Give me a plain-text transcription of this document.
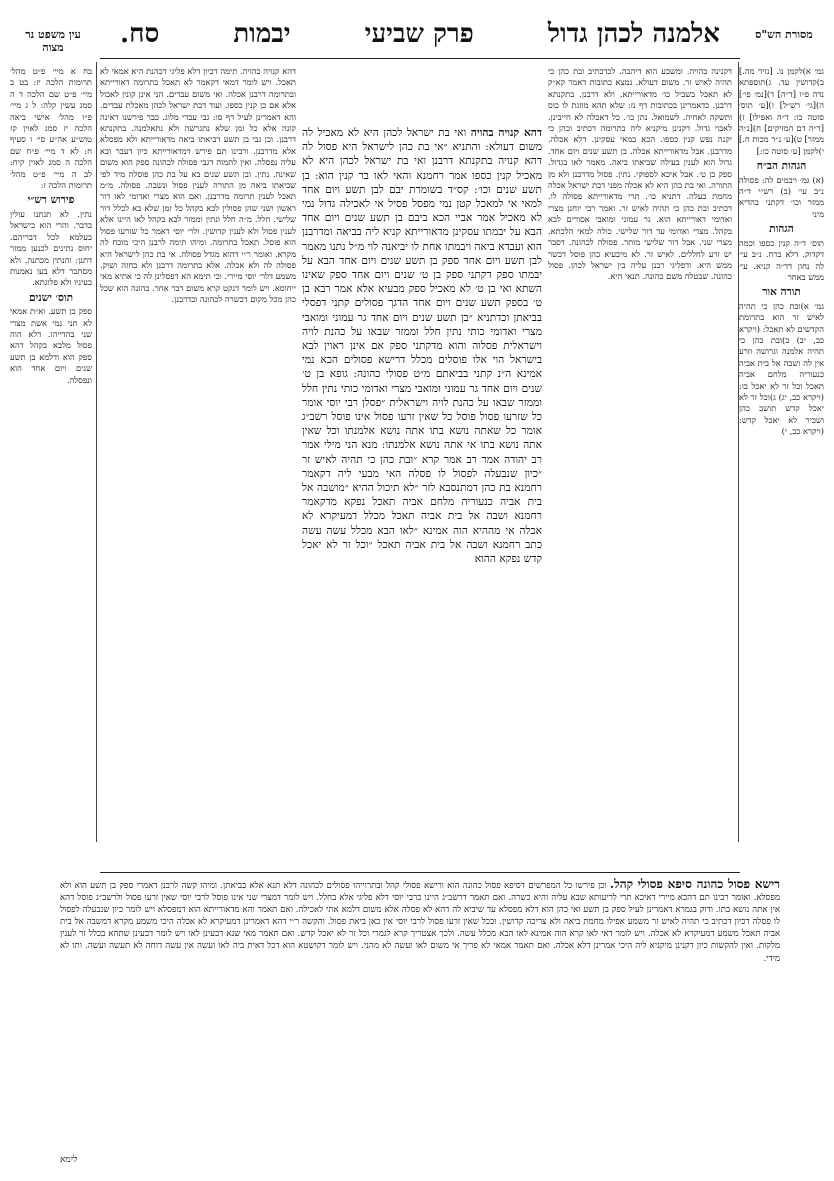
מסורת הש"ס
עין משפט נר מצוה	אלמנה לכהן גדול
פרק שביעי
יבמות
סח.

גמ׳ א)לקמן נו. [נזיר מה.] ב)קדושין עד. ג)תוספתא נדה פ״ו [ד״ה] ד)[נמ׳ פי׳] ה)[גי׳ רש״ל] ו)[ע׳ תוס׳ סוטה כו: ד״ה ואפילו] ז)[ד״ה דם המזיקים] ח)[נ״ה ממזר] ט)[ע׳ נ״ר מכות ח.] י)לקמן [ע׳ סוטה כו:]

הגהות הב״ח

(א) גמ׳ ויבמים לה: פסולה נ״ב עי׳ (ב) רש״י ד״ה ממזר וכו׳ דקתני בהדיא מיני

הגהות

תוס׳ ד״ה קנין כספו וכמה דקדוק. דלא ברח. נ״ב עי׳ לה נחון דד״ה קניא. עי׳ ממש באחר

תורה אור

גמ׳ א)ובת כהן כי תהיה לאיש זר הוא בתרומת הקדשים לא תאכל: (ויקרא כב, יב) ב)ובת כהן כי תהיה אלמנה וגרושה וזרע אין לה ושבה אל בית אביה כנעוריה מלחם אביה תאכל וכל זר לא יאכל בו: (ויקרא כב, יג) ג)וכל זר לא יאכל קדש תושב כהן ושכיר לא יאכל קדש: (ויקרא כב, י)

דקנינה בהויה. ומשבע הוא דיהבה. לכדכתיב ובת כהן כי תהיה לאיש זר. משום דעולא. נמצא כתובות דאמר קא״ק לא תאכל בשביל כו׳ מדאורייתא. ולא דרבנן. בתקנתא דרבנן. כדאמרינן בכתובות דף נז: שלא תהא מוזגת לו כוס ותשקה לאחיה. לשמואל. נתן כו׳. כל דאכלה לא חייבינן. לאבוי גדול. דקנינן מיקניא ליה בתרומה דכתיב וכהן כי יקנה נפש קנין כספו. הכא במאי עסקינן. דלא אכלה. מדרבנן. אבל מדאורייתא אכלה. בן תשע שנים ויום אחד. גדול הוא לענין בעילה שביאתו ביאה. מאמר לאו בגדול. ספק בן ט׳. אבל איכא לספוקי. נתין. פסול מדרבנן ולא מן התורה. ואי בת כהן היא לא אכלה מפני דבת ישראל אכלה מחמת בעלה. דתניא כו׳. תרי מדאורייתא פסולה לו. דכתיב ובת כהן כי תהיה לאיש זר. ואמר רבי יוחנן מצרי ואדומי דאורייתא הוא. גר עמוני ומואבי אסורים לבא בקהל. מצרי ואדומי עד דור שלישי. כולה למאי הלכתא. מצרי שני. אבל דור שלישי מותר. פסולה לכהונה. דסבר יש זרע לחללים. לאיש זר. לא מיבעיא כהן פוסל דכשר ממש היא. ודפליגי רבנן עליה בין ישראל לכהן. פסול כהונה. שבטלה משם כהונה. תנאי היא.

דהא קנויה בהויה. תימה דכיון דלא פליגי דכהנת היא אמאי לא תאכל. ויש לומר דמאי דקאמר לא תאכל בתרומה דאורייתא ובתרומה דרבנן אכלה. ואי משום עבדים. הני אינן קונין לאכול אלא אם כן קנין כספו. ועוד דבת ישראל לכהן מאכלת עבדים. והא דאמרינן לעיל דף סו: גבי עבדי מלוג. כבר פירשנו דאינה קונה אלא כל זמן שלא נתגרשה ולא נתאלמנה. בתקנתא דרבנן. וכן גבי בן תשע דביאתו ביאה מדאורייתא ולא מפסלא אלא מדרבנן. ורבינו תם פירש דמדאורייתא כיון דעבר ובא עליה נפסלה. ואין לתמוה דגבי פסולה לכהונה ספק הוא משום שאינה. נתין. ובן תשע שנים בא על בת כהן פוסלה מיד לפי שביאתו ביאה מן התורה לענין פסול ונשבה. פסולה. מ״מ תאכל לענין תרומה מדרבנן. ואם הוא מצרי ואדומי לאו דור ראשון ושני שהן פסולין לבא בקהל כל זמן שלא בא לכלל דור שלישי. חלל. מ״ה חלל ונתין וממזר לבא בקהל לאו היינו אלא לענין פסול ולא לענין קדושין. ולר׳ יוסי דאמר כל שזרעו פסול הוא פוסל. תאכל בתרומה. ומיהו תימה לרבנן היכי מוכח לה מקרא. ואומר ר״י דהוא מגדל פסולה. אי בת כהן לישראל היא פסולה לה ולא אכלה. אלא בתרומה דרבנן ולא בחזה ושוק. משמע דלר׳ יוסי מיירי. וכי תימא הא דפסלינן לה כי אתיא מאי ייחוסא. ויש לומר דנקט קרא משום דבר אחר. כהונה הוא שכל כהן מכל מקום דכשרה לכהונה ובדרבנן.

דהא קנויה בהויה ואי בת ישראל לכהן היא לא מאכיל לה משום דעולא: והתניא ״אי בת כהן לישראל היא פסול לה דהא קנויה בתקנתא דרבנן ואי בת ישראל לכהן היא לא מאכיל קנין כספו אמר רחמנא והאי לאו בר קנין הוא: בן תשע שנים וכו׳: קס״ד בשומרת יבם לבן תשע ויום אחד למאי אי למאכל קטן נמי מפסל פסיל אי לאכילה גדול נמי לא מאכיל אמר אביי הכא ביבם בן תשע שנים ויום אחד הבא על יבמתו עסקינן מדאורייתא קניא ליה בביאה ומדרבנן הוא ועבדא ביאה ויבמתו אחת לו יביאנה לוי מ״ל נתנו מאמר לבן תשע ויום אחד ספק בן תשע שנים ויום אחד הבא על יבמתו ספק דקתני ספק בן ט׳ שנים ויום אחד ספק שאינו השתא ואי בן ט׳ לא מאכיל ספק מבעיא אלא אמר רבא בן ט׳ בספק תשע שנים ויום אחד הדגך פסולים קתני דפסלי בביאתן וכדתניא ״בן תשע שנים ויום אחד גר עמוני ומואבי מצרי ואדומי כותי נתין חלל וממזר שבאו על כהנת לויה וישראלית פסלוה והוא מדקתני ספק אם אינן ראוין לבא בישראל הוי אלו פוסלים מכלל דרישא פסולים הכא נמי אמינא ה״נ קתני בביאתם מ״ט פסולי כהונה: גופא בן ט׳ שנים ויום אחד גר עמוני ומואבי מצרי ואדומי כותי נתין חלל וממזר שבאו על כהנת לויה וישראלית ״פסלן רבי יוסי אומר כל שזרעו פסול פוסל כל שאין זרעו פסול אינו פוסל רשב״ג אומר כל שאתה נושא בתו אתה נושא אלמנתו וכל שאין אתה נושא בתו אי אתה נושא אלמנתו: מנא הני מילי אמר רב יהודה אמר רב אמר קרא ״ובת כהן כי תהיה לאיש זר ״כיון שנבעלה לפסול לו פסלה האי מבעי ליה דקאמר רחמנא בת כהן דמתנסבא לזר ״לא תיכול ההיא ״מושבה אל בית אביה כנעוריה מלחם אביה תאכל נפקא מדקאמר רחמנא ושבה אל בית אביה תאכל מכלל דמעיקרא לא אכלה אי מההיא הוה אמינא ״לאו הבא מכלל עשה עשה כתב רחמנא ושבה אל בית אביה תאכל ״וכל זר לא יאכל קדש נפקא ההוא

בח א מיי׳ פ״ט מהל׳ תרומות הלכה יז: בט ב מיי׳ פ״ט שם הלכה ד ה סמג עשין קלה: ל ג מיי׳ פ״ו מהל׳ אישי ביאה הלכה יז סמג לאוין קז טוש״ע אה״ע סי׳ ו סעיף ח: לא ד מיי׳ פ״ח שם הלכה ה סמג לאוין קיח: לב ה מיי׳ פ״ט מהל׳ תרומות הלכה ז:

פירוש רש״י

נתין. לא תנתנו עולין בדבר. והרי הוא כישראל בעלמא לכל דבריהם. יחוס נתינים לכנען ממזר דתנן: והנתין מכתנה. ולא מסתבר דלא בעו נאמנות בעיניו ולא פלוגתא.

תוס׳ ישנים

ספק בן תשע. וא״ת אמאי לא תני נמי אשת מצרי שני בהדייהו. דלא הוה פסול מלבא בקהל דהא ספק הוא ודלמא בן תשע שנים ויום אחד הוא ונפסלה.

רישא פסול כהונה סיפא פסולי קהל. וכן פירשו כל המפרשים דסיפא פסול כהונה הוא ורישא פסולי קהל ובתרוייהו פסולים לכהונה דלא תנא אלא בביאתן. ומיהו קשה לרבנן דאמרי ספק בן תשע הוא ולא מפסלא. ואומר רבינו תם דהכא מיירי דאיכא תרי לריעותא שבא עליה והיא כשרה. ואם תאמר דרשב״ג היינו כרבי יוסי דלא פליגי אלא בחלל. ויש לומר דמצרי שני אינו פוסל לרבי יוסי שאין זרעו פסול ולרשב״ג פוסל דהא אין אתה נושא בתו. ודוק בגמרא דאמרינן לעיל ספק בן תשע ואי כהן הוא דלא מפסלא עד שיביא לה דהא לא פסלה אלא משום דלמא אתי לאכילה. ואם תאמר והא מדאורייתא הוא דמפסלא ויש לומר כיון שנבעלה לפסול לו פסלה דכיון דכתיב כי תהיה לאיש זר משמע אפילו מחמת ביאה ולא צריכה קדושין. ובכל שאין זרעו פסול לרבי יוסי אין כאן ביאת פסול. והקשה ר״י דהא דאמרינן דמעיקרא לא אכלה היכי משמע מקרא דמשבה אל בית אביה תאכל משמע דמעיקרא לא אכלה. ויש לומר דאי לאו קרא הוה אמינא לאו הבא מכלל עשה. ולכך אצטריך קרא לגמרי וכל זר לא יאכל קדש. ואם תאמר מאי שנא דבעינן לאו ויש לומר דבעינן שתהא בכלל זר לענין מלקות. ואין להקשות כיון דקנינן מיקניא ליה היכי אמרינן דלא אכלה. ואם תאמר אמאי לא פריך אי משום לאו ועשה לא מהני. ויש לומר דקושטא הוא דכל דאית ביה לאו ועשה אין עשה דוחה לא תעשה ועשה. ותו לא מידי.
לימא
